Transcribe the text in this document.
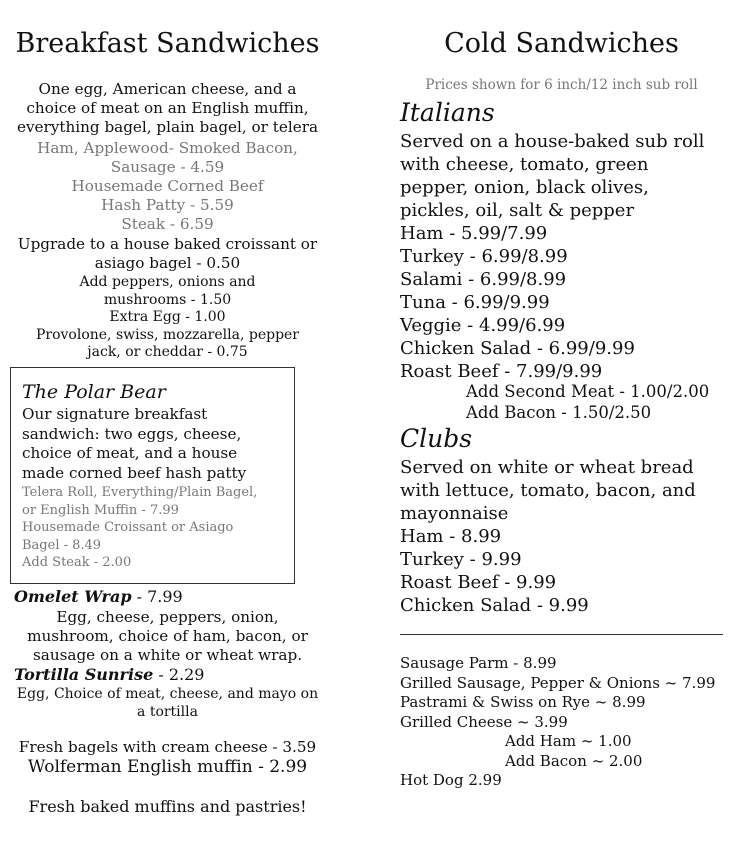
Breakfast Sandwiches
One egg, American cheese, and a
choice of meat on an English muffin,
everything bagel, plain bagel, or telera
Ham, Applewood- Smoked Bacon,
Sausage - 4.59
Housemade Corned Beef
Hash Patty - 5.59
Steak - 6.59
Upgrade to a house baked croissant or
asiago bagel - 0.50
Add peppers, onions and
mushrooms - 1.50
Extra Egg - 1.00
Provolone, swiss, mozzarella, pepper
jack, or cheddar - 0.75
The Polar Bear
Our signature breakfast
sandwich: two eggs, cheese,
choice of meat, and a house
made corned beef hash patty
Telera Roll, Everything/Plain Bagel,
or English Muffin - 7.99
Housemade Croissant or Asiago
Bagel - 8.49
Add Steak - 2.00
Omelet Wrap - 7.99
Egg, cheese, peppers, onion,
mushroom, choice of ham, bacon, or
sausage on a white or wheat wrap.
Tortilla Sunrise - 2.29
Egg, Choice of meat, cheese, and mayo on
a tortilla
Fresh bagels with cream cheese - 3.59
Wolferman English muffin - 2.99
Fresh baked muffins and pastries!
Cold Sandwiches
Prices shown for 6 inch/12 inch sub roll
Italians
Served on a house-baked sub roll
with cheese, tomato, green
pepper, onion, black olives,
pickles, oil, salt & pepper
Ham - 5.99/7.99
Turkey - 6.99/8.99
Salami - 6.99/8.99
Tuna - 6.99/9.99
Veggie - 4.99/6.99
Chicken Salad - 6.99/9.99
Roast Beef - 7.99/9.99
Add Second Meat - 1.00/2.00
Add Bacon - 1.50/2.50
Clubs
Served on white or wheat bread
with lettuce, tomato, bacon, and
mayonnaise
Ham - 8.99
Turkey - 9.99
Roast Beef - 9.99
Chicken Salad - 9.99
Sausage Parm - 8.99
Grilled Sausage, Pepper & Onions ~ 7.99
Pastrami & Swiss on Rye ~ 8.99
Grilled Cheese ~ 3.99
Add Ham ~ 1.00
Add Bacon ~ 2.00
Hot Dog 2.99
